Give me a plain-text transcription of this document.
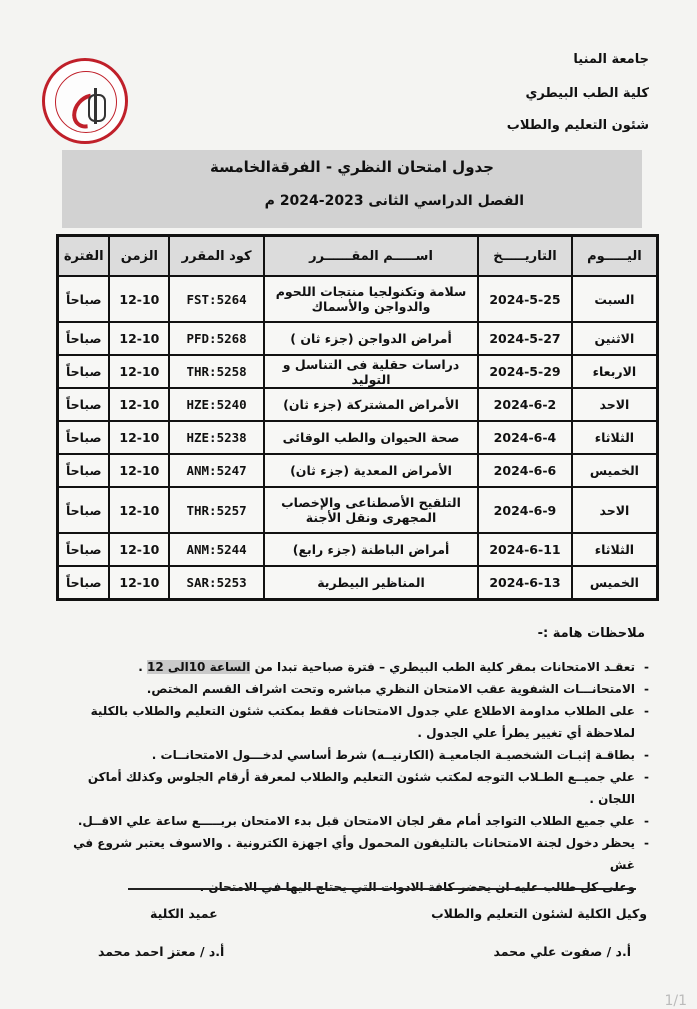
جامعة المنيا
كلية الطب البيطري
شئون التعليم والطلاب
جدول امتحان النظري - الفرقةالخامسة
الفصل الدراسي الثانى 2023-2024 م
اليـــــوم	التاريـــــخ	اســـــم المقــــــرر	كود المقرر	الزمن	الفترة
السبت	2024-5-25	سلامة وتكنولجيا منتجات اللحوم والدواجن والأسماك	FST:5264	12-10	صباحاً
الاثنين	2024-5-27	أمراض الدواجن (جزء ثان )	PFD:5268	12-10	صباحاً
الاربعاء	2024-5-29	دراسات حقلية فى التناسل و التوليد	THR:5258	12-10	صباحاً
الاحد	2024-6-2	الأمراض المشتركة (جزء ثان)	HZE:5240	12-10	صباحاً
الثلاثاء	2024-6-4	صحة الحيوان والطب الوقائى	HZE:5238	12-10	صباحاً
الخميس	2024-6-6	الأمراض المعدية (جزء ثان)	ANM:5247	12-10	صباحاً
الاحد	2024-6-9	التلقيح الأصطناعى والإخصاب المجهرى ونقل الأجنة	THR:5257	12-10	صباحاً
الثلاثاء	2024-6-11	أمراض الباطنة (جزء رابع)	ANM:5244	12-10	صباحاً
الخميس	2024-6-13	المناظير البيطرية	SAR:5253	12-10	صباحاً
ملاحظات هامة :-
- تعقـد الامتحانات بمقر كلية الطب البيطري – فترة صباحية تبدا من الساعة 10الى 12 .
- الامتحانـــات الشفوية عقب الامتحان النظري مباشره وتحت اشراف القسم المختص.
- على الطلاب مداومة الاطلاع علي جدول الامتحانات فقط بمكتب شئون التعليم والطلاب بالكلية
لملاحظة أي تغيير يطرأ علي الجدول .
- بطاقـة إثبـات الشخصيـة الجامعيـة (الكارنيــه) شرط أساسي لدخـــول الامتحانــات .
- علي جميــع الطـلاب التوجه لمكتب شئون التعليم والطلاب لمعرفة أرقام الجلوس وكذلك أماكن اللجان .
- علي جميع الطلاب التواجد أمام مقر لجان الامتحان قبل بدء الامتحان بربـــــع ساعة علي الاقــل.
- يحظر دخول لجنة الامتحانات بالتليفون المحمول وأي اجهزة الكترونية . والاسوف يعتبر شروع في غش
وعلى كل طالب عليه ان يحضر كافة الادوات التي يحتاج اليها في الامتحان .
عميد الكلية
أ.د / معتز احمد محمد
وكيل الكلية لشئون التعليم والطلاب
أ.د / صفوت علي محمد
1/1
